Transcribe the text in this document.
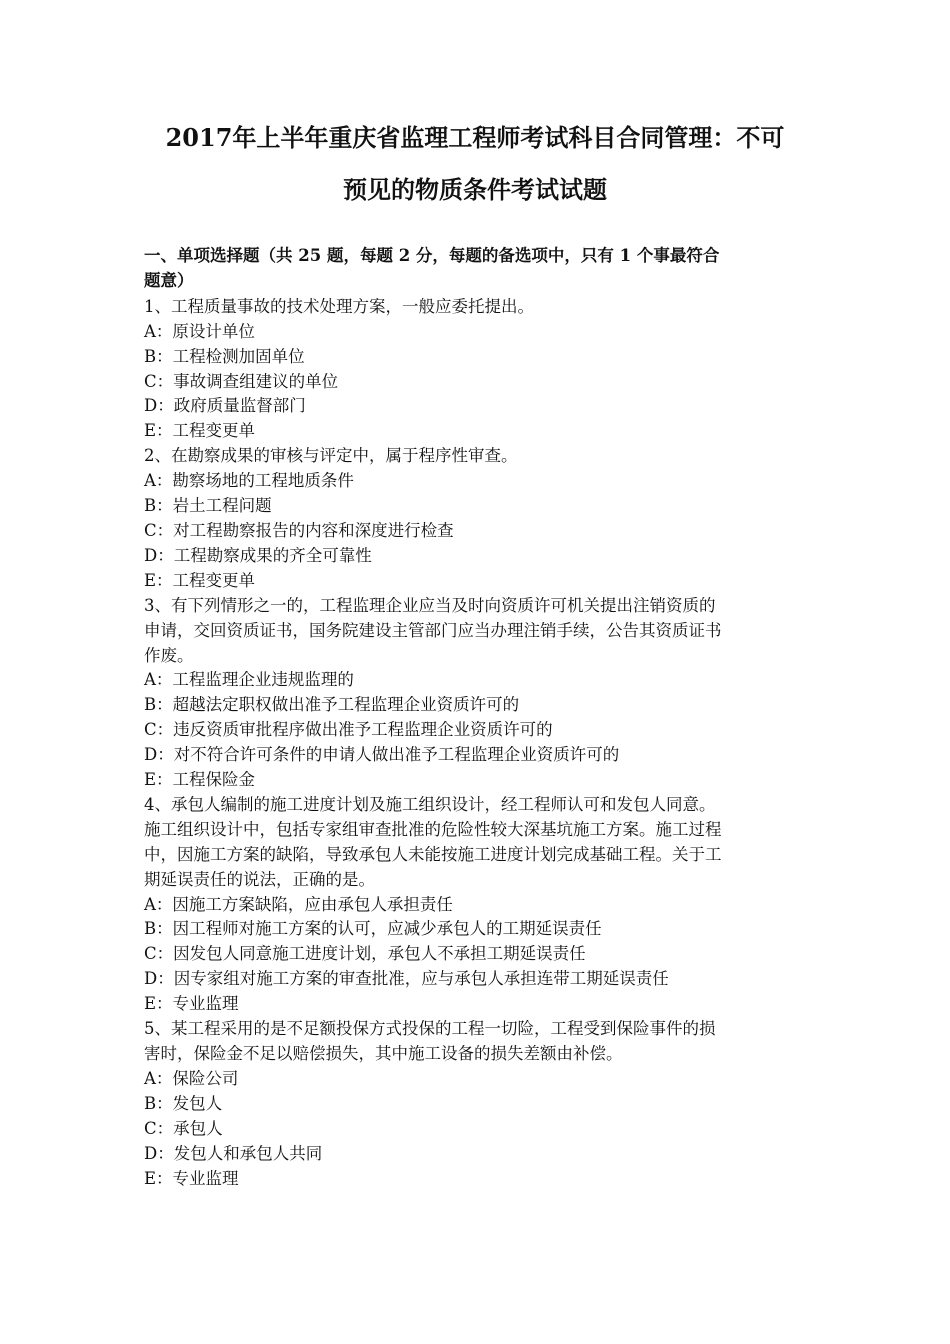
2017年上半年重庆省监理工程师考试科目合同管理：不可
预见的物质条件考试试题
一、单项选择题（共 25 题，每题 2 分，每题的备选项中，只有 1 个事最符合
题意）
1、工程质量事故的技术处理方案，一般应委托提出。
A：原设计单位
B：工程检测加固单位
C：事故调查组建议的单位
D：政府质量监督部门
E：工程变更单
2、在勘察成果的审核与评定中，属于程序性审查。
A：勘察场地的工程地质条件
B：岩土工程问题
C：对工程勘察报告的内容和深度进行检查
D：工程勘察成果的齐全可靠性
E：工程变更单
3、有下列情形之一的，工程监理企业应当及时向资质许可机关提出注销资质的
申请，交回资质证书，国务院建设主管部门应当办理注销手续，公告其资质证书
作废。
A：工程监理企业违规监理的
B：超越法定职权做出准予工程监理企业资质许可的
C：违反资质审批程序做出准予工程监理企业资质许可的
D：对不符合许可条件的申请人做出准予工程监理企业资质许可的
E：工程保险金
4、承包人编制的施工进度计划及施工组织设计，经工程师认可和发包人同意。
施工组织设计中，包括专家组审查批准的危险性较大深基坑施工方案。施工过程
中，因施工方案的缺陷，导致承包人未能按施工进度计划完成基础工程。关于工
期延误责任的说法，正确的是。
A：因施工方案缺陷，应由承包人承担责任
B：因工程师对施工方案的认可，应减少承包人的工期延误责任
C：因发包人同意施工进度计划，承包人不承担工期延误责任
D：因专家组对施工方案的审查批准，应与承包人承担连带工期延误责任
E：专业监理
5、某工程采用的是不足额投保方式投保的工程一切险，工程受到保险事件的损
害时，保险金不足以赔偿损失，其中施工设备的损失差额由补偿。
A：保险公司
B：发包人
C：承包人
D：发包人和承包人共同
E：专业监理
